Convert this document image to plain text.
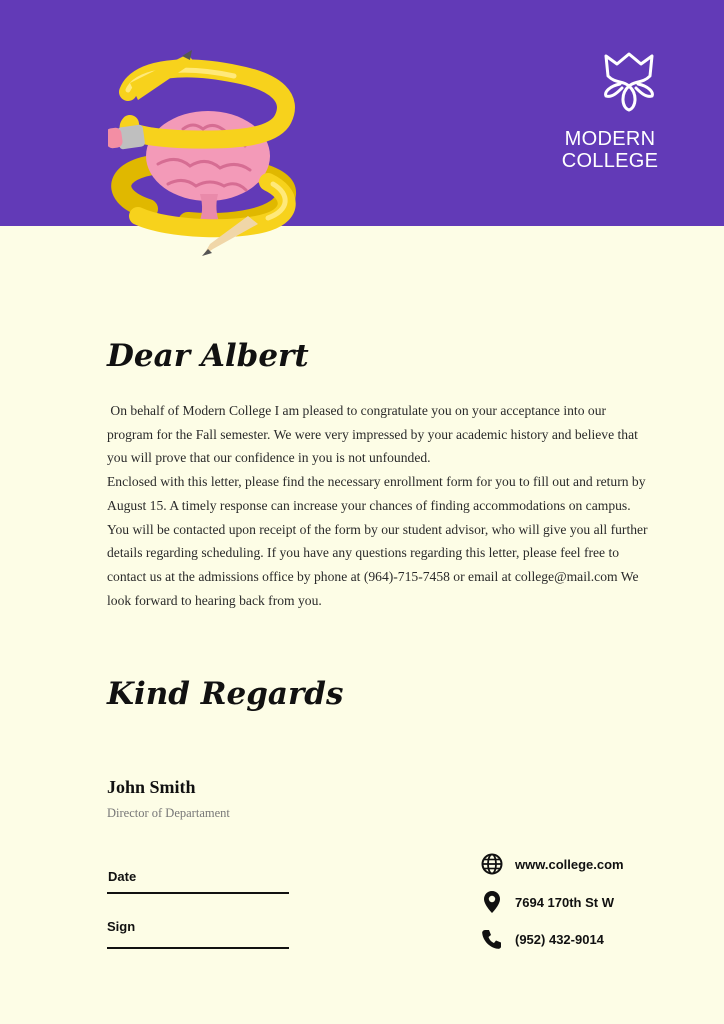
MODERN
COLLEGE
Dear Albert

On behalf of Modern College I am pleased to congratulate you on your acceptance into our program for the Fall semester. We were very impressed by your academic history and believe that you will prove that our confidence in you is not unfounded.

Enclosed with this letter, please find the necessary enrollment form for you to fill out and return by August 15. A timely response can increase your chances of finding accommodations on campus. You will be contacted upon receipt of the form by our student advisor, who will give you all further details regarding scheduling. If you have any questions regarding this letter, please feel free to contact us at the admissions office by phone at (964)-715-7458 or email at college@mail.com We look forward to hearing back from you.

Kind Regards
John Smith
Director of Departament
Date
Sign
www.college.com
7694 170th St W
(952) 432-9014
